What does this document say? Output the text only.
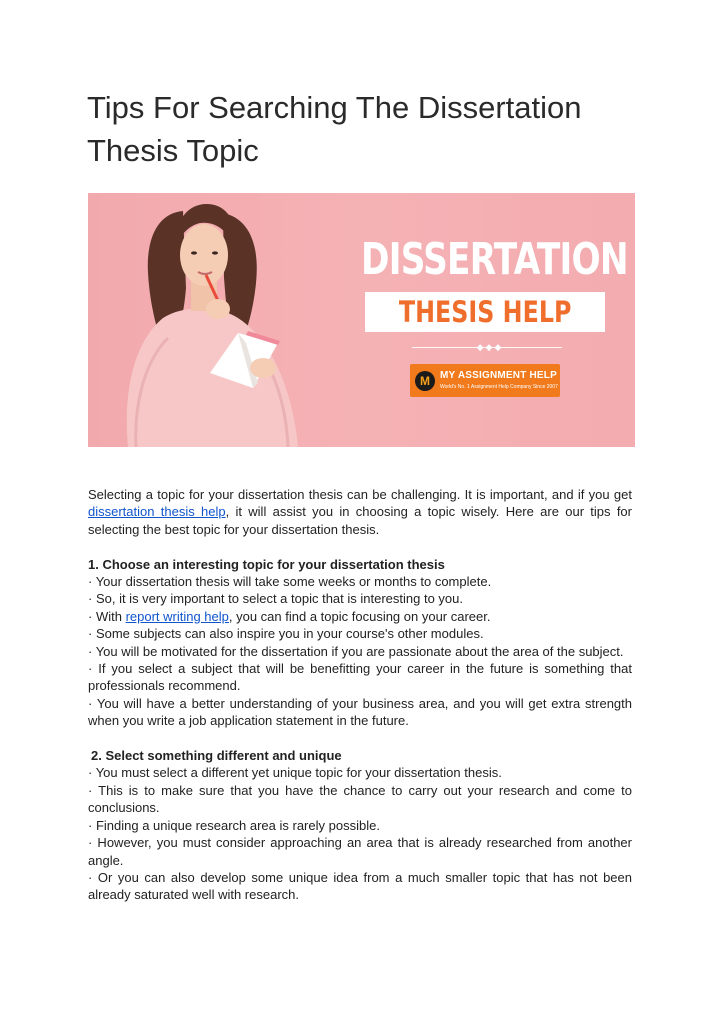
Tips For Searching The Dissertation
Thesis Topic
DISSERTATION
THESIS HELP
◆◆◆
M	MY ASSIGNMENT HELP
World's No. 1 Assignment Help Company Since 2007

Selecting a topic for your dissertation thesis can be challenging. It is important, and if you get dissertation thesis help, it will assist you in choosing a topic wisely. Here are our tips for selecting the best topic for your dissertation thesis.

1. Choose an interesting topic for your dissertation thesis

· Your dissertation thesis will take some weeks or months to complete.

· So, it is very important to select a topic that is interesting to you.

· With report writing help, you can find a topic focusing on your career.

· Some subjects can also inspire you in your course's other modules.

· You will be motivated for the dissertation if you are passionate about the area of the subject.

· If you select a subject that will be benefitting your career in the future is something that professionals recommend.

· You will have a better understanding of your business area, and you will get extra strength when you write a job application statement in the future.

2. Select something different and unique

· You must select a different yet unique topic for your dissertation thesis.

· This is to make sure that you have the chance to carry out your research and come to conclusions.

· Finding a unique research area is rarely possible.

· However, you must consider approaching an area that is already researched from another angle.

· Or you can also develop some unique idea from a much smaller topic that has not been already saturated well with research.
